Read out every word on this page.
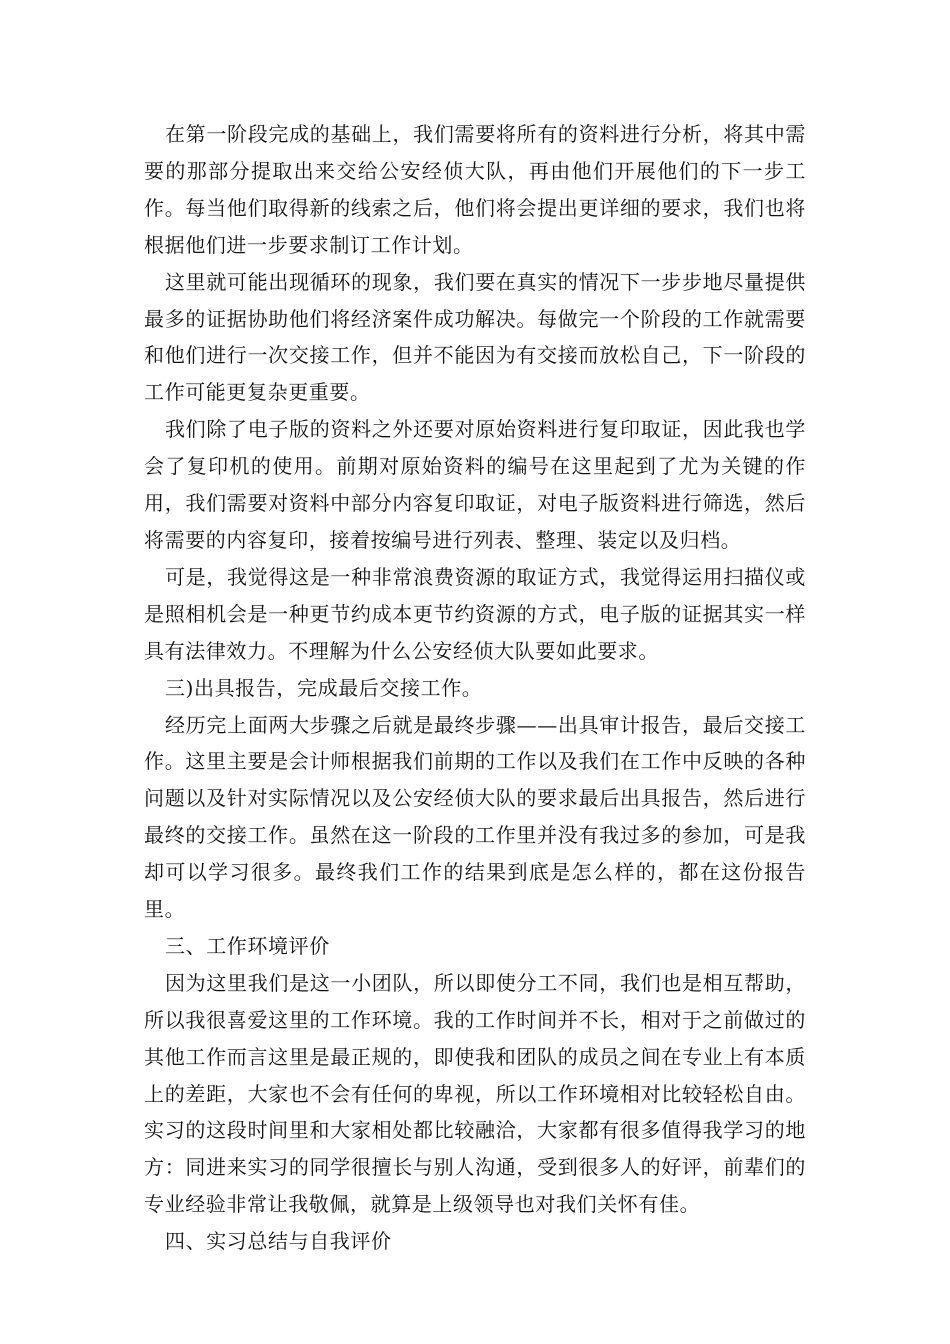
在第一阶段完成的基础上，我们需要将所有的资料进行分析，将其中需要的那部分提取出来交给公安经侦大队，再由他们开展他们的下一步工作。每当他们取得新的线索之后，他们将会提出更详细的要求，我们也将根据他们进一步要求制订工作计划。

这里就可能出现循环的现象，我们要在真实的情况下一步步地尽量提供最多的证据协助他们将经济案件成功解决。每做完一个阶段的工作就需要和他们进行一次交接工作，但并不能因为有交接而放松自己，下一阶段的工作可能更复杂更重要。

我们除了电子版的资料之外还要对原始资料进行复印取证，因此我也学会了复印机的使用。前期对原始资料的编号在这里起到了尤为关键的作用，我们需要对资料中部分内容复印取证，对电子版资料进行筛选，然后将需要的内容复印，接着按编号进行列表、整理、装定以及归档。

可是，我觉得这是一种非常浪费资源的取证方式，我觉得运用扫描仪或是照相机会是一种更节约成本更节约资源的方式，电子版的证据其实一样具有法律效力。不理解为什么公安经侦大队要如此要求。

三)出具报告，完成最后交接工作。

经历完上面两大步骤之后就是最终步骤——出具审计报告，最后交接工作。这里主要是会计师根据我们前期的工作以及我们在工作中反映的各种问题以及针对实际情况以及公安经侦大队的要求最后出具报告，然后进行最终的交接工作。虽然在这一阶段的工作里并没有我过多的参加，可是我却可以学习很多。最终我们工作的结果到底是怎么样的，都在这份报告里。

三、工作环境评价

因为这里我们是这一小团队，所以即使分工不同，我们也是相互帮助，所以我很喜爱这里的工作环境。我的工作时间并不长，相对于之前做过的其他工作而言这里是最正规的，即使我和团队的成员之间在专业上有本质上的差距，大家也不会有任何的卑视，所以工作环境相对比较轻松自由。实习的这段时间里和大家相处都比较融洽，大家都有很多值得我学习的地方：同进来实习的同学很擅长与别人沟通，受到很多人的好评，前辈们的专业经验非常让我敬佩，就算是上级领导也对我们关怀有佳。

四、实习总结与自我评价
